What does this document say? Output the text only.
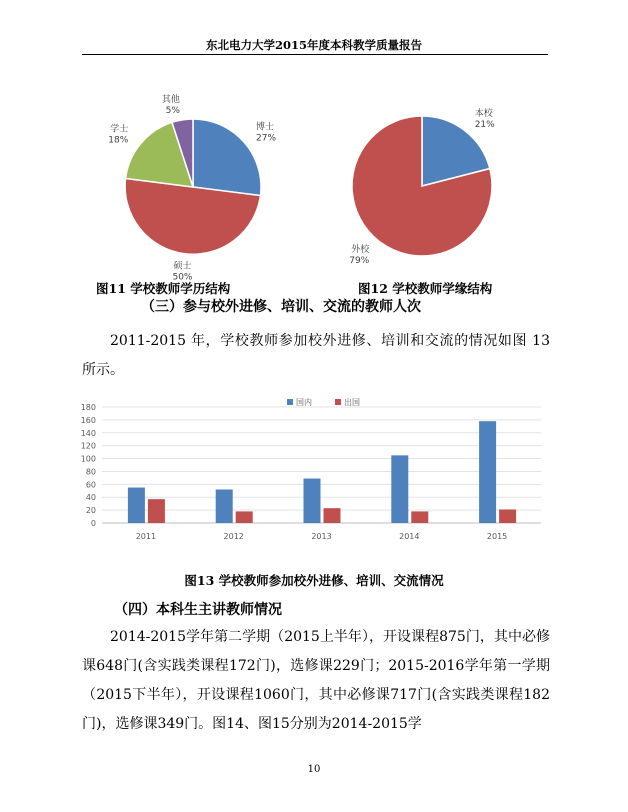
东北电力大学2015年度本科教学质量报告
博士
27%
硕士
50%
学士
18%
其他
5%
图11 学校教师学历结构
本校
21%
外校
79%
图12 学校教师学缘结构
（三）参与校外进修、培训、交流的教师人次
2011-2015 年，学校教师参加校外进修、培训和交流的情况如图 13 所示。
0
20
40
60
80
100
120
140
160
180
2011	2012	2013	2014	2015
国内	出国
图13 学校教师参加校外进修、培训、交流情况
（四）本科生主讲教师情况
2014-2015学年第二学期（2015上半年），开设课程875门，其中必修课648门(含实践类课程172门)，选修课229门；2015-2016学年第一学期（2015下半年），开设课程1060门，其中必修课717门(含实践类课程182门)，选修课349门。图14、图15分别为2014-2015学
10
